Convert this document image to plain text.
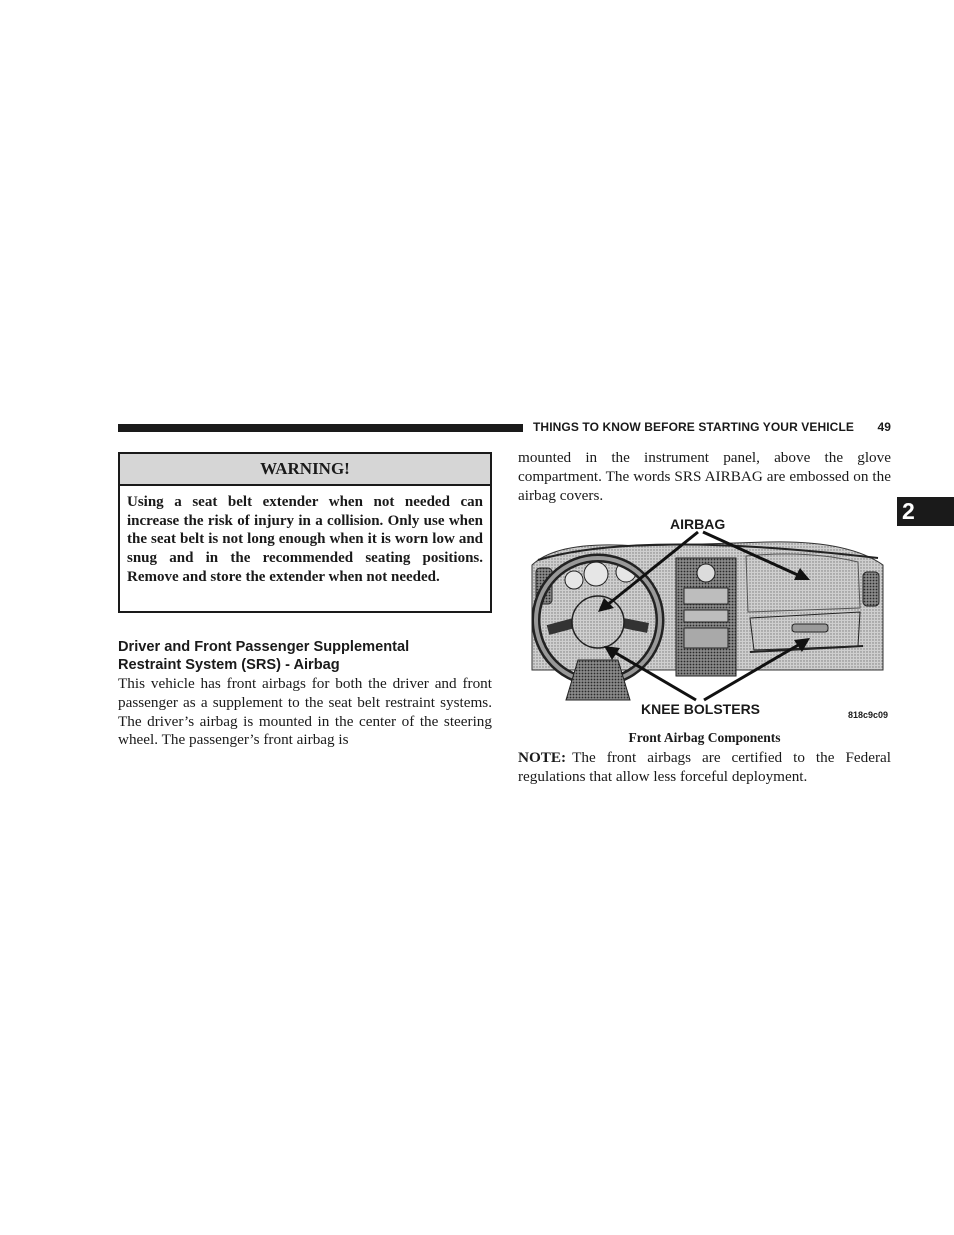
THINGS TO KNOW BEFORE STARTING YOUR VEHICLE 49
2
WARNING!
Using a seat belt extender when not needed can increase the risk of injury in a collision. Only use when the seat belt is not long enough when it is worn low and snug and in the recommended seating positions. Remove and store the extender when not needed.
Driver and Front Passenger Supplemental
Restraint System (SRS) - Airbag
This vehicle has front airbags for both the driver and front passenger as a supplement to the seat belt restraint systems. The driver’s airbag is mounted in the center of the steering wheel. The passenger’s front airbag is
mounted in the instrument panel, above the glove compartment. The words SRS AIRBAG are embossed on the airbag covers.
AIRBAG
KNEE BOLSTERS	818c9c09
Front Airbag Components
NOTE: The front airbags are certified to the Federal regulations that allow less forceful deployment.
